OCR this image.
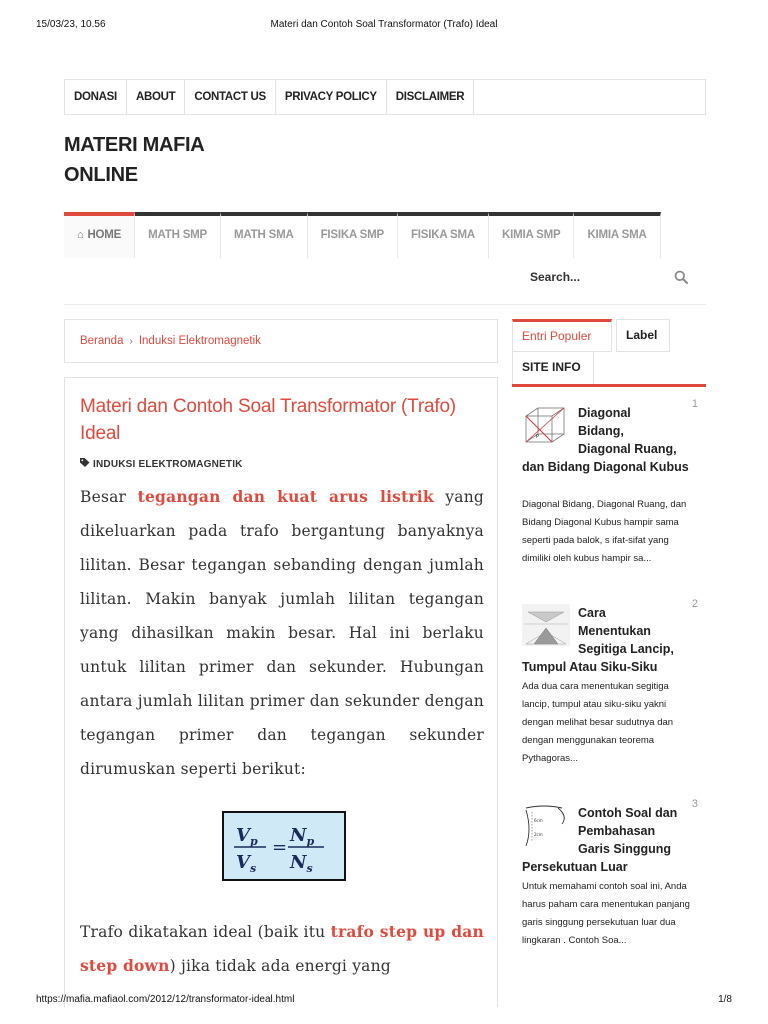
15/03/23, 10.56	Materi dan Contoh Soal Transformator (Trafo) Ideal
DONASI	ABOUT	CONTACT US	PRIVACY POLICY	DISCLAIMER
MATERI MAFIA
ONLINE
⌂ HOME	MATH SMP	MATH SMA	FISIKA SMP	FISIKA SMA	KIMIA SMP	KIMIA SMA
Search...
Beranda › Induksi Elektromagnetik
Materi dan Contoh Soal Transformator (Trafo) Ideal
INDUKSI ELEKTROMAGNETIK
Besar tegangan dan kuat arus listrik yang dikeluarkan pada trafo bergantung banyaknya lilitan. Besar tegangan sebanding dengan jumlah lilitan. Makin banyak jumlah lilitan tegangan yang dihasilkan makin besar. Hal ini berlaku untuk lilitan primer dan sekunder. Hubungan antara jumlah lilitan primer dan sekunder dengan tegangan primer dan tegangan sekunder dirumuskan seperti berikut:
$V_p$
$V_s$
=
$N_p$
$N_s$
Trafo dikatakan ideal (baik itu trafo step up dan step down) jika tidak ada energi yang
Entri Populer	Label
SITE INFO
1
P
Diagonal
Bidang,
Diagonal Ruang,
dan Bidang Diagonal Kubus
Diagonal Bidang, Diagonal Ruang, dan Bidang Diagonal Kubus hampir sama seperti pada balok, s ifat-sifat yang dimiliki oleh kubus hampir sa...
2
Cara
Menentukan
Segitiga Lancip,
Tumpul Atau Siku-Siku
Ada dua cara menentukan segitiga lancip, tumpul atau siku-siku yakni dengan melihat besar sudutnya dan dengan menggunakan teorema Pythagoras...
3
6cm
2cm
Contoh Soal dan
Pembahasan
Garis Singgung
Persekutuan Luar
Untuk memahami contoh soal ini, Anda harus paham cara menentukan panjang garis singgung persekutuan luar dua lingkaran . Contoh Soa...
https://mafia.mafiaol.com/2012/12/transformator-ideal.html	1/8
